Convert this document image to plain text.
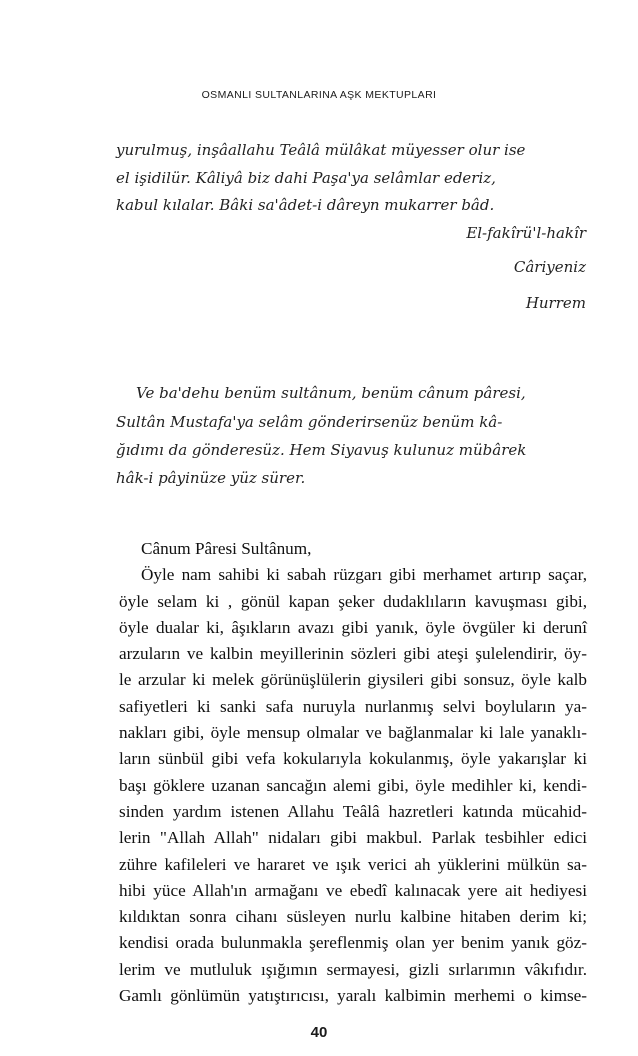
OSMANLI SULTANLARINA AŞK MEKTUPLARI
yurulmuş, inşâallahu Teâlâ mülâkat müyesser olur ise
el işidilür. Kâliyâ biz dahi Paşa'ya selâmlar ederiz,
kabul kılalar. Bâki sa'âdet-i dâreyn mukarrer bâd.
El-fakîrü'l-hakîr
Câriyeniz
Hurrem
Ve ba'dehu benüm sultânum, benüm cânum pâresi,
Sultân Mustafa'ya selâm gönderirsenüz benüm kâ-
ğıdımı da gönderesüz. Hem Siyavuş kulunuz mübârek
hâk-i pâyinüze yüz sürer.
Cânum Pâresi Sultânum,
Öyle nam sahibi ki sabah rüzgarı gibi merhamet artırıp saçar,
öyle selam ki , gönül kapan şeker dudaklıların kavuşması gibi,
öyle dualar ki, âşıkların avazı gibi yanık, öyle övgüler ki derunî
arzuların ve kalbin meyillerinin sözleri gibi ateşi şulelendirir, öy-
le arzular ki melek görünüşlülerin giysileri gibi sonsuz, öyle kalb
safiyetleri ki sanki safa nuruyla nurlanmış selvi boyluların ya-
nakları gibi, öyle mensup olmalar ve bağlanmalar ki lale yanaklı-
ların sünbül gibi vefa kokularıyla kokulanmış, öyle yakarışlar ki
başı göklere uzanan sancağın alemi gibi, öyle medihler ki, kendi-
sinden yardım istenen Allahu Teâlâ hazretleri katında mücahid-
lerin "Allah Allah" nidaları gibi makbul. Parlak tesbihler edici
zühre kafileleri ve hararet ve ışık verici ah yüklerini mülkün sa-
hibi yüce Allah'ın armağanı ve ebedî kalınacak yere ait hediyesi
kıldıktan sonra cihanı süsleyen nurlu kalbine hitaben derim ki;
kendisi orada bulunmakla şereflenmiş olan yer benim yanık göz-
lerim ve mutluluk ışığımın sermayesi, gizli sırlarımın vâkıfıdır.
Gamlı gönlümün yatıştırıcısı, yaralı kalbimin merhemi o kimse-
40
